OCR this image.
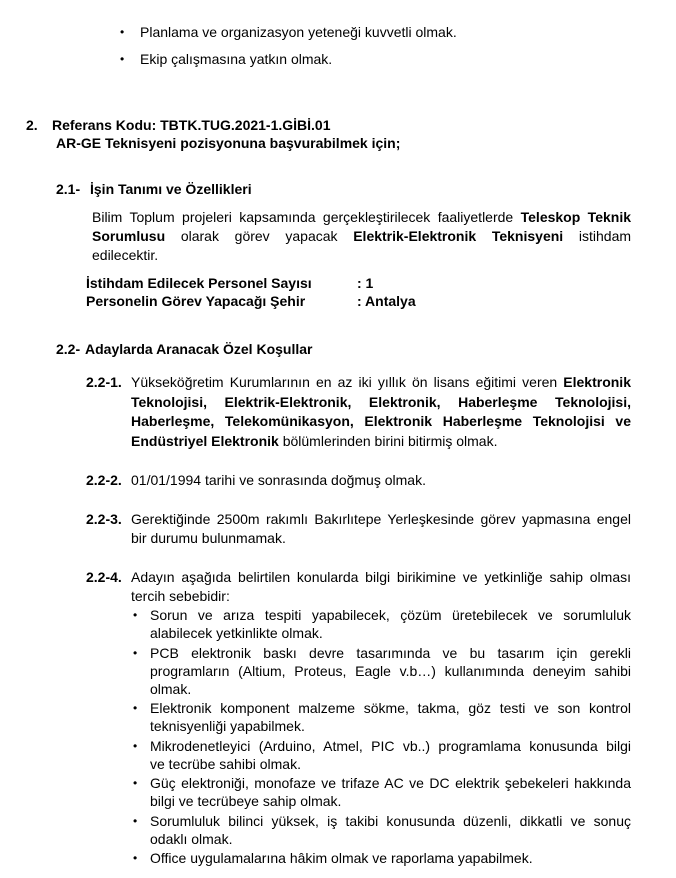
• Planlama ve organizasyon yeteneği kuvvetli olmak.
• Ekip çalışmasına yatkın olmak.
2. Referans Kodu: TBTK.TUG.2021-1.GİBİ.01
AR-GE Teknisyeni pozisyonuna başvurabilmek için;
2.1- İşin Tanımı ve Özellikleri
Bilim Toplum projeleri kapsamında gerçekleştirilecek faaliyetlerde Teleskop Teknik
Sorumlusu olarak görev yapacak Elektrik-Elektronik Teknisyeni istihdam
edilecektir.
İstihdam Edilecek Personel Sayısı	: 1
Personelin Görev Yapacağı Şehir	: Antalya
2.2- Adaylarda Aranacak Özel Koşullar
2.2-1. Yükseköğretim Kurumlarının en az iki yıllık ön lisans eğitimi veren Elektronik
Teknolojisi, Elektrik-Elektronik, Elektronik, Haberleşme Teknolojisi,
Haberleşme, Telekomünikasyon, Elektronik Haberleşme Teknolojisi ve
Endüstriyel Elektronik bölümlerinden birini bitirmiş olmak.
2.2-2. 01/01/1994 tarihi ve sonrasında doğmuş olmak.
2.2-3. Gerektiğinde 2500m rakımlı Bakırlıtepe Yerleşkesinde görev yapmasına engel
bir durumu bulunmamak.
2.2-4. Adayın aşağıda belirtilen konularda bilgi birikimine ve yetkinliğe sahip olması
tercih sebebidir:
• Sorun ve arıza tespiti yapabilecek, çözüm üretebilecek ve sorumluluk
alabilecek yetkinlikte olmak.
• PCB elektronik baskı devre tasarımında ve bu tasarım için gerekli
programların (Altium, Proteus, Eagle v.b…) kullanımında deneyim sahibi
olmak.
• Elektronik komponent malzeme sökme, takma, göz testi ve son kontrol
teknisyenliği yapabilmek.
• Mikrodenetleyici (Arduino, Atmel, PIC vb..) programlama konusunda bilgi
ve tecrübe sahibi olmak.
• Güç elektroniği, monofaze ve trifaze AC ve DC elektrik şebekeleri hakkında
bilgi ve tecrübeye sahip olmak.
• Sorumluluk bilinci yüksek, iş takibi konusunda düzenli, dikkatli ve sonuç
odaklı olmak.
• Office uygulamalarına hâkim olmak ve raporlama yapabilmek.
